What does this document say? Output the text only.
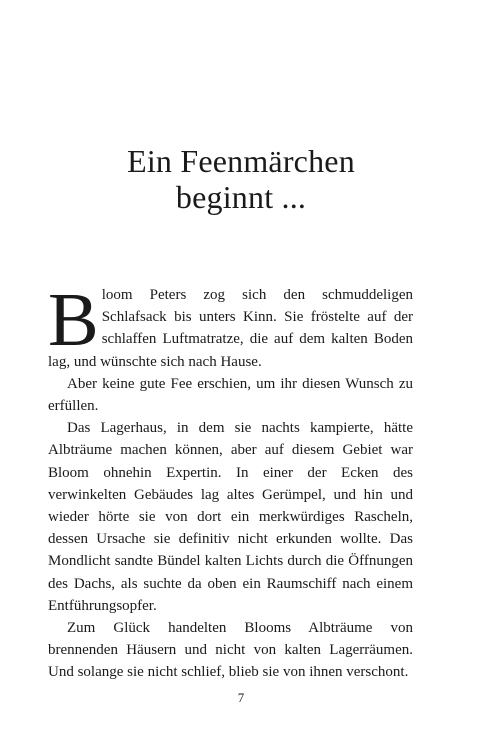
Ein Feenmärchen
beginnt ...

Bloom Peters zog sich den schmuddeligen Schlafsack bis unters Kinn. Sie fröstelte auf der schlaffen Luftmatratze, die auf dem kalten Boden lag, und wünschte sich nach Hause.

Aber keine gute Fee erschien, um ihr diesen Wunsch zu erfüllen.

Das Lagerhaus, in dem sie nachts kampierte, hätte Albträume machen können, aber auf diesem Gebiet war Bloom ohnehin Expertin. In einer der Ecken des verwinkelten Gebäudes lag altes Gerümpel, und hin und wieder hörte sie von dort ein merkwürdiges Rascheln, dessen Ursache sie definitiv nicht erkunden wollte. Das Mondlicht sandte Bündel kalten Lichts durch die Öffnungen des Dachs, als suchte da oben ein Raumschiff nach einem Entführungsopfer.

Zum Glück handelten Blooms Albträume von brennenden Häusern und nicht von kalten Lagerräumen. Und solange sie nicht schlief, blieb sie von ihnen verschont.

7
